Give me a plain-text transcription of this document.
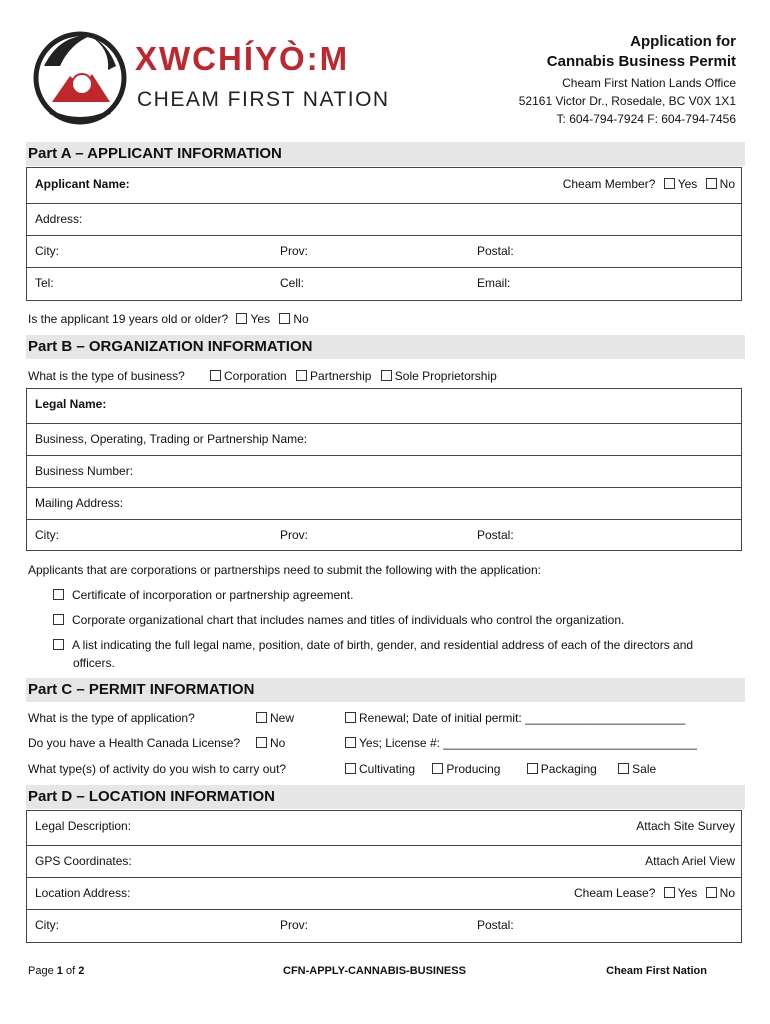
XWCHÍYÒ:M
CHEAM FIRST NATION
Application for
Cannabis Business Permit
Cheam First Nation Lands Office
52161 Victor Dr., Rosedale, BC V0X 1X1
T: 604-794-7924 F: 604-794-7456
Part A – APPLICANT INFORMATION
Applicant Name:	Cheam Member? Yes No
Address:
City:	Prov:	Postal:
Tel:	Cell:	Email:
Is the applicant 19 years old or older? Yes No
Part B – ORGANIZATION INFORMATION
What is the type of business?	Corporation Partnership Sole Proprietorship
Legal Name:
Business, Operating, Trading or Partnership Name:
Business Number:
Mailing Address:
City:	Prov:	Postal:
Applicants that are corporations or partnerships need to submit the following with the application:
Certificate of incorporation or partnership agreement.
Corporate organizational chart that includes names and titles of individuals who control the organization.
A list indicating the full legal name, position, date of birth, gender, and residential address of each of the directors and
officers.
Part C – PERMIT INFORMATION
What is the type of application?	New	Renewal; Date of initial permit: ________________________
Do you have a Health Canada License?	No	Yes; License #: ______________________________________
What type(s) of activity do you wish to carry out?	Cultivating	Producing	Packaging	Sale
Part D – LOCATION INFORMATION
Legal Description:	Attach Site Survey
GPS Coordinates:	Attach Ariel View
Location Address:	Cheam Lease? Yes No
City:	Prov:	Postal:
Page 1 of 2	CFN-APPLY-CANNABIS-BUSINESS	Cheam First Nation
